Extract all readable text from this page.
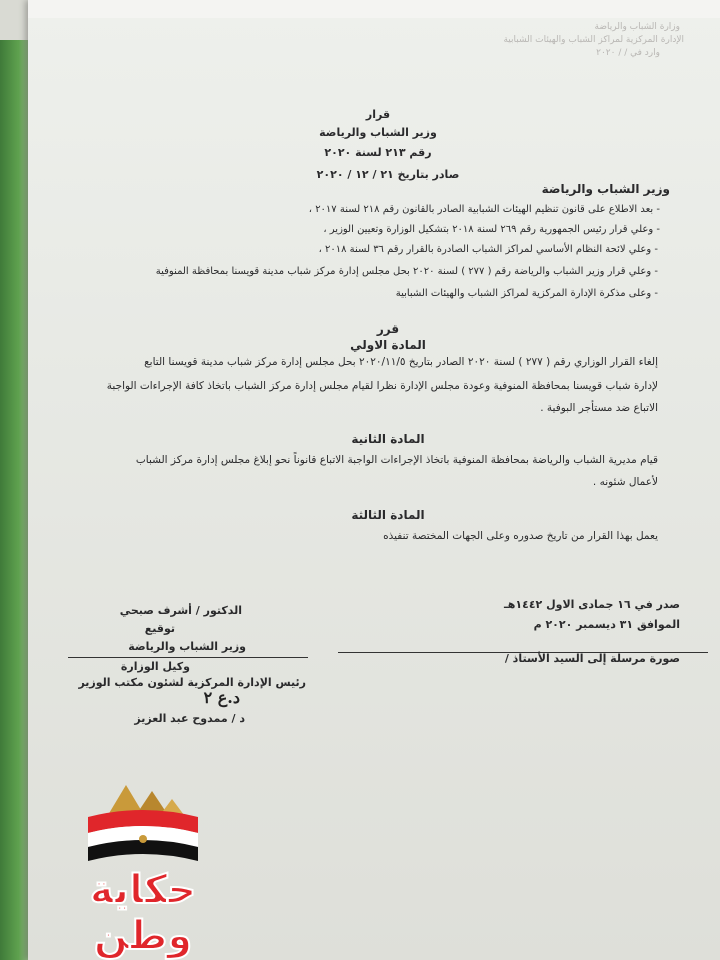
وزارة الشباب والرياضة
الإدارة المركزية لمراكز الشباب والهيئات الشبابية
وارد في / / ٢٠٢٠
قرار
وزير الشباب والرياضة
رقم ٢١٣ لسنة ٢٠٢٠
صادر بتاريخ ٢١ / ١٢ / ٢٠٢٠
وزير الشباب والرياضة
- بعد الاطلاع على قانون تنظيم الهيئات الشبابية الصادر بالقانون رقم ٢١٨ لسنة ٢٠١٧ ،
- وعلي قرار رئيس الجمهورية رقم ٢٦٩ لسنة ٢٠١٨ بتشكيل الوزارة وتعيين الوزير ،
- وعلي لائحة النظام الأساسي لمراكز الشباب الصادرة بالقرار رقم ٣٦ لسنة ٢٠١٨ ،
- وعلي قرار وزير الشباب والرياضة رقم ( ٢٧٧ ) لسنة ٢٠٢٠ بحل مجلس إدارة مركز شباب مدينة قويسنا بمحافظة المنوفية
- وعلى مذكرة الإدارة المركزية لمراكز الشباب والهيئات الشبابية
قرر
المادة الاولي
إلغاء القرار الوزاري رقم ( ٢٧٧ ) لسنة ٢٠٢٠ الصادر بتاريخ ٢٠٢٠/١١/٥ بحل مجلس إدارة مركز شباب مدينة قويسنا التابع
لإدارة شباب قويسنا بمحافظة المنوفية وعودة مجلس الإدارة نظرا لقيام مجلس إدارة مركز الشباب باتخاذ كافة الإجراءات الواجبة
الاتباع ضد مستأجر البوفية .
المادة الثانية
قيام مديرية الشباب والرياضة بمحافظة المنوفية باتخاذ الإجراءات الواجبة الاتباع قانوناً نحو إبلاغ مجلس إدارة مركز الشباب
لأعمال شئونه .
المادة الثالثة
يعمل بهذا القرار من تاريخ صدوره وعلى الجهات المختصة تنفيذه
صدر في ١٦ جمادى الاول ١٤٤٢هـ
الموافق ٣١ ديسمبر ٢٠٢٠ م
الدكتور / أشرف صبحي
توقيع
وزير الشباب والرياضة
صورة مرسلة إلى السيد الأستاذ /
وكيل الوزارة
رئيس الإدارة المركزية لشئون مكتب الوزير
د.ع ٢
د / ممدوح عبد العزيز
حكاية وطن
